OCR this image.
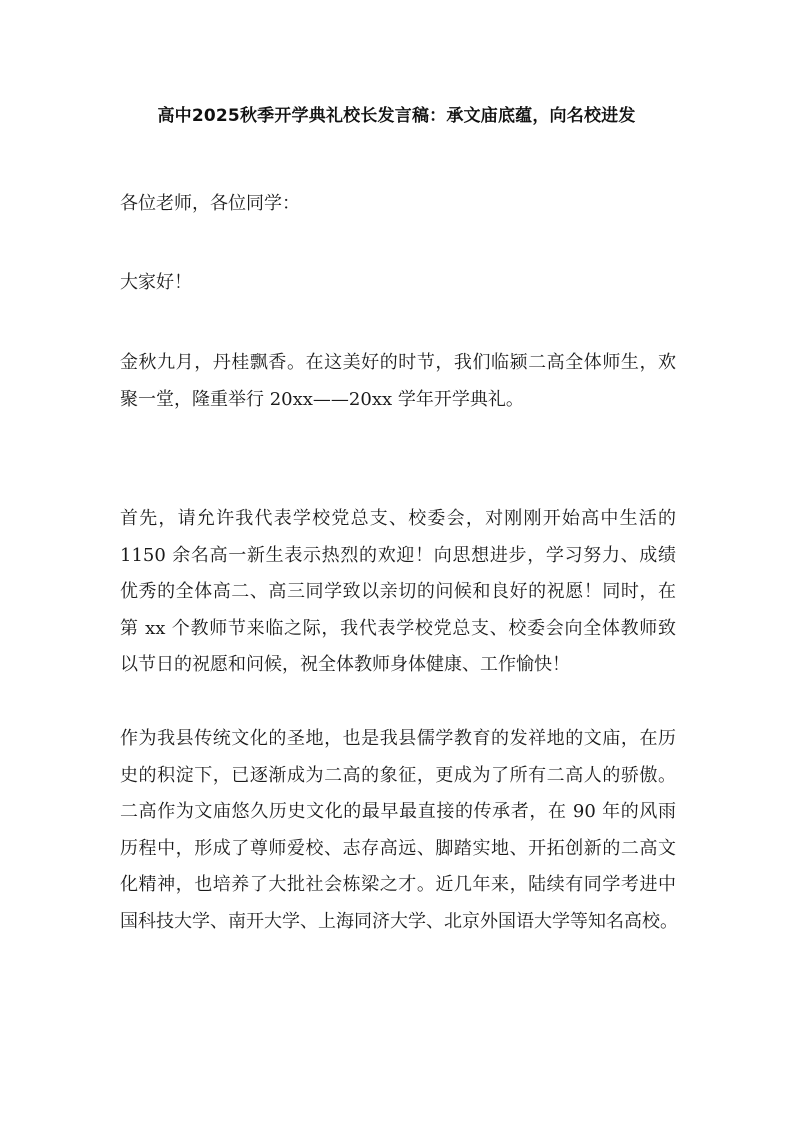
高中2025秋季开学典礼校长发言稿：承文庙底蕴，向名校进发

各位老师，各位同学：

大家好！

金秋九月，丹桂飘香。在这美好的时节，我们临颍二高全体师生，欢
聚一堂，隆重举行 20xx——20xx 学年开学典礼。

首先，请允许我代表学校党总支、校委会，对刚刚开始高中生活的
1150 余名高一新生表示热烈的欢迎！向思想进步，学习努力、成绩
优秀的全体高二、高三同学致以亲切的问候和良好的祝愿！同时，在
第 xx 个教师节来临之际，我代表学校党总支、校委会向全体教师致
以节日的祝愿和问候，祝全体教师身体健康、工作愉快！

作为我县传统文化的圣地，也是我县儒学教育的发祥地的文庙，在历
史的积淀下，已逐渐成为二高的象征，更成为了所有二高人的骄傲。
二高作为文庙悠久历史文化的最早最直接的传承者，在 90 年的风雨
历程中，形成了尊师爱校、志存高远、脚踏实地、开拓创新的二高文
化精神，也培养了大批社会栋梁之才。近几年来，陆续有同学考进中
国科技大学、南开大学、上海同济大学、北京外国语大学等知名高校。
